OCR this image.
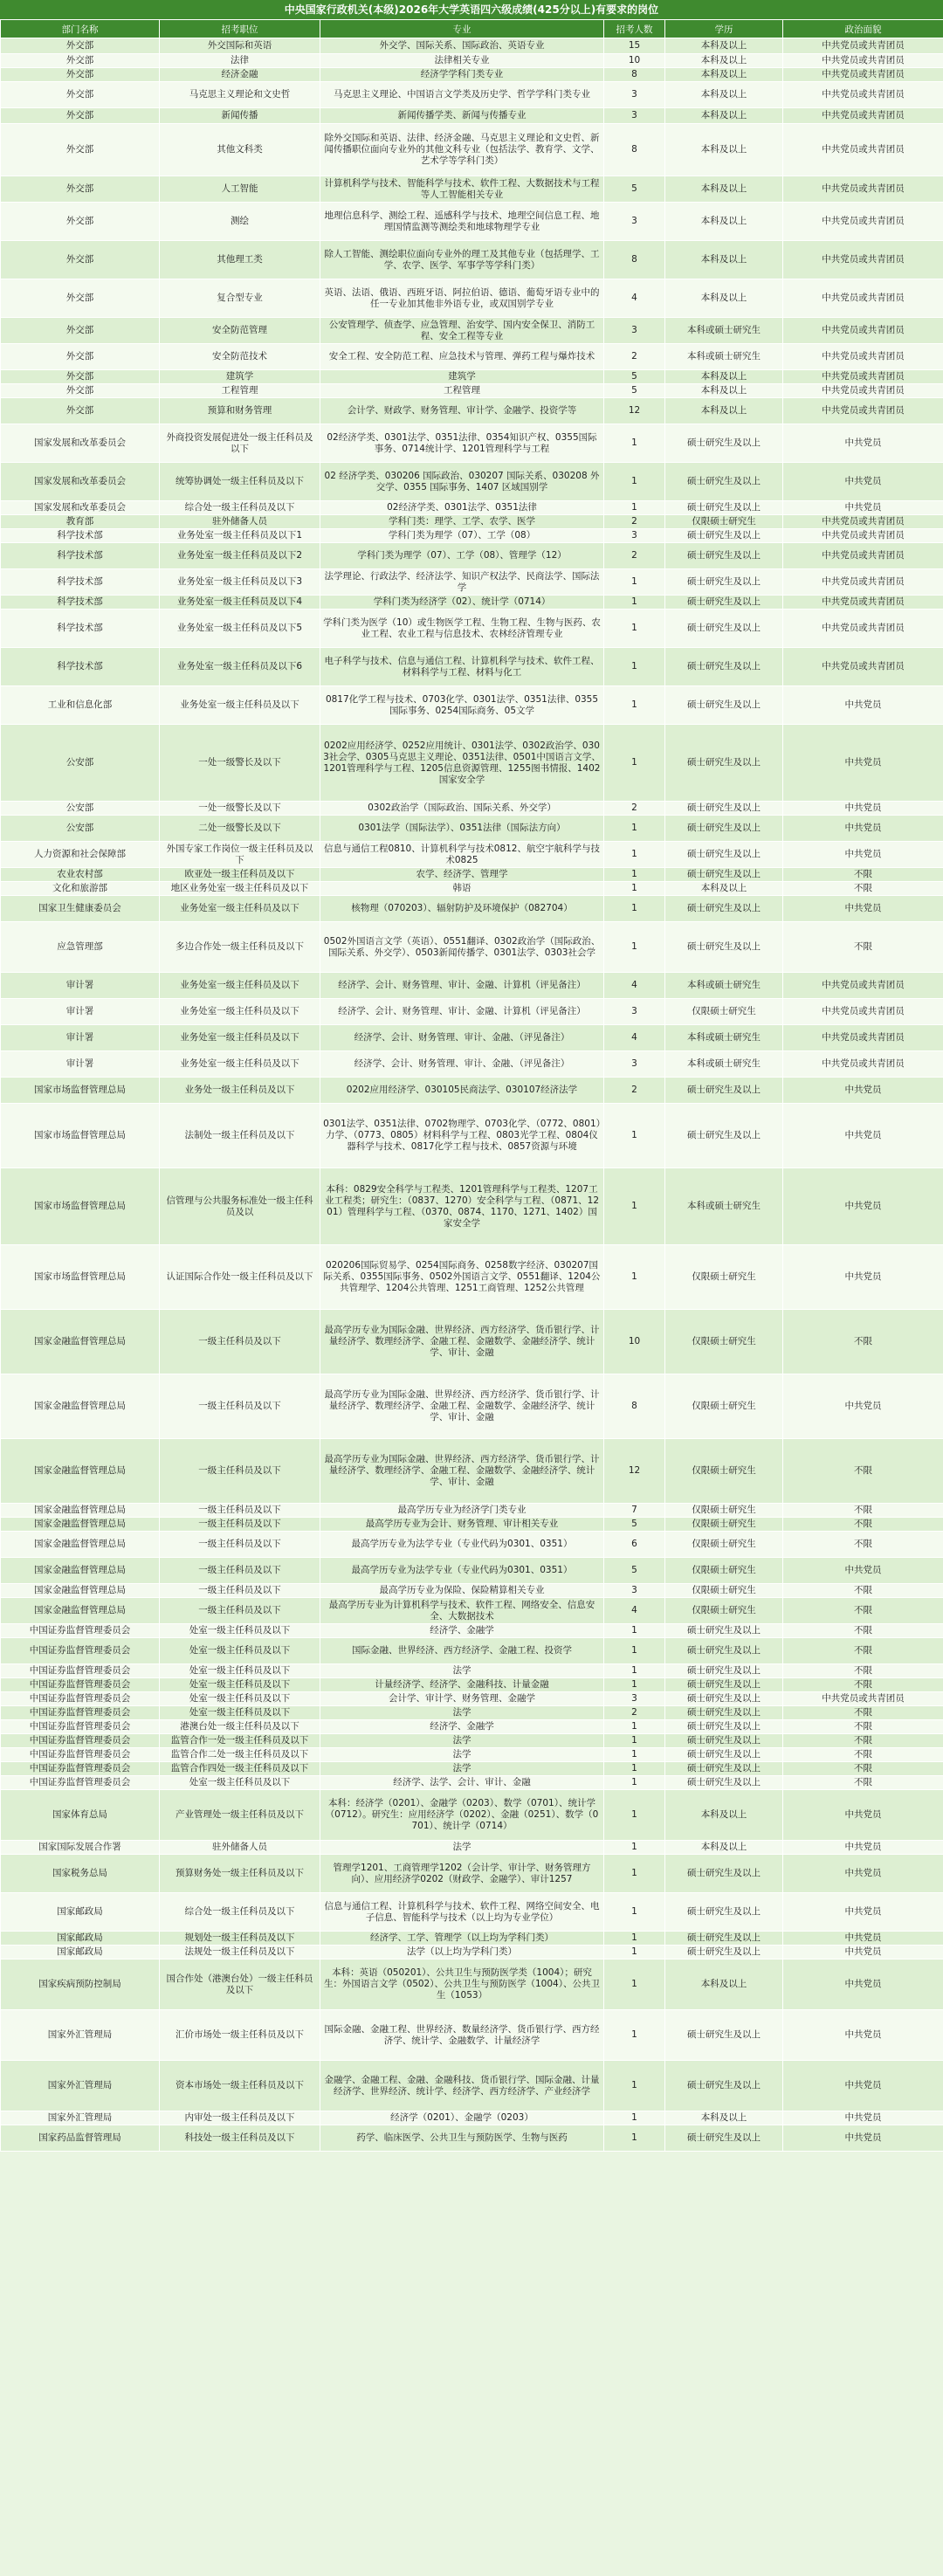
中央国家行政机关(本级)2026年大学英语四六级成绩(425分以上)有要求的岗位
部门名称	招考职位	专业	招考人数	学历	政治面貌
外交部	外交国际和英语	外交学、国际关系、国际政治、英语专业	15	本科及以上	中共党员或共青团员
外交部	法律	法律相关专业	10	本科及以上	中共党员或共青团员
外交部	经济金融	经济学学科门类专业	8	本科及以上	中共党员或共青团员
外交部	马克思主义理论和文史哲	马克思主义理论、中国语言文学类及历史学、哲学学科门类专业	3	本科及以上	中共党员或共青团员
外交部	新闻传播	新闻传播学类、新闻与传播专业	3	本科及以上	中共党员或共青团员
外交部	其他文科类	除外交国际和英语、法律、经济金融、马克思主义理论和文史哲、新闻传播职位面向专业外的其他文科专业（包括法学、教育学、文学、艺术学等学科门类）	8	本科及以上	中共党员或共青团员
外交部	人工智能	计算机科学与技术、智能科学与技术、软件工程、大数据技术与工程等人工智能相关专业	5	本科及以上	中共党员或共青团员
外交部	测绘	地理信息科学、测绘工程、遥感科学与技术、地理空间信息工程、地理国情监测等测绘类和地球物理学专业	3	本科及以上	中共党员或共青团员
外交部	其他理工类	除人工智能、测绘职位面向专业外的理工及其他专业（包括理学、工学、农学、医学、军事学等学科门类）	8	本科及以上	中共党员或共青团员
外交部	复合型专业	英语、法语、俄语、西班牙语、阿拉伯语、德语、葡萄牙语专业中的任一专业加其他非外语专业，或双国别学专业	4	本科及以上	中共党员或共青团员
外交部	安全防范管理	公安管理学、侦查学、应急管理、治安学、国内安全保卫、消防工程、安全工程等专业	3	本科或硕士研究生	中共党员或共青团员
外交部	安全防范技术	安全工程、安全防范工程、应急技术与管理、弹药工程与爆炸技术	2	本科或硕士研究生	中共党员或共青团员
外交部	建筑学	建筑学	5	本科及以上	中共党员或共青团员
外交部	工程管理	工程管理	5	本科及以上	中共党员或共青团员
外交部	预算和财务管理	会计学、财政学、财务管理、审计学、金融学、投资学等	12	本科及以上	中共党员或共青团员
国家发展和改革委员会	外商投资发展促进处一级主任科员及以下	02经济学类、0301法学、0351法律、0354知识产权、0355国际事务、0714统计学、1201管理科学与工程	1	硕士研究生及以上	中共党员
国家发展和改革委员会	统筹协调处一级主任科员及以下	02 经济学类、030206 国际政治、030207 国际关系、030208 外交学、0355 国际事务、1407 区域国别学	1	硕士研究生及以上	中共党员
国家发展和改革委员会	综合处一级主任科员及以下	02经济学类、0301法学、0351法律	1	硕士研究生及以上	中共党员
教育部	驻外储备人员	学科门类：理学、工学、农学、医学	2	仅限硕士研究生	中共党员或共青团员
科学技术部	业务处室一级主任科员及以下1	学科门类为理学（07）、工学（08）	3	硕士研究生及以上	中共党员或共青团员
科学技术部	业务处室一级主任科员及以下2	学科门类为理学（07）、工学（08）、管理学（12）	2	硕士研究生及以上	中共党员或共青团员
科学技术部	业务处室一级主任科员及以下3	法学理论、行政法学、经济法学、知识产权法学、民商法学、国际法学	1	硕士研究生及以上	中共党员或共青团员
科学技术部	业务处室一级主任科员及以下4	学科门类为经济学（02）、统计学（0714）	1	硕士研究生及以上	中共党员或共青团员
科学技术部	业务处室一级主任科员及以下5	学科门类为医学（10）或生物医学工程、生物工程、生物与医药、农业工程、农业工程与信息技术、农林经济管理专业	1	硕士研究生及以上	中共党员或共青团员
科学技术部	业务处室一级主任科员及以下6	电子科学与技术、信息与通信工程、计算机科学与技术、软件工程、材料科学与工程、材料与化工	1	硕士研究生及以上	中共党员或共青团员
工业和信息化部	业务处室一级主任科员及以下	0817化学工程与技术、0703化学、0301法学、0351法律、0355国际事务、0254国际商务、05文学	1	硕士研究生及以上	中共党员
公安部	一处一级警长及以下	0202应用经济学、0252应用统计、0301法学、0302政治学、0303社会学、0305马克思主义理论、0351法律、0501中国语言文学、1201管理科学与工程、1205信息资源管理、1255图书情报、1402国家安全学	1	硕士研究生及以上	中共党员
公安部	一处一级警长及以下	0302政治学（国际政治、国际关系、外交学）	2	硕士研究生及以上	中共党员
公安部	二处一级警长及以下	0301法学（国际法学）、0351法律（国际法方向）	1	硕士研究生及以上	中共党员
人力资源和社会保障部	外国专家工作岗位一级主任科员及以下	信息与通信工程0810、计算机科学与技术0812、航空宇航科学与技术0825	1	硕士研究生及以上	中共党员
农业农村部	欧亚处一级主任科员及以下	农学、经济学、管理学	1	硕士研究生及以上	不限
文化和旅游部	地区业务处室一级主任科员及以下	韩语	1	本科及以上	不限
国家卫生健康委员会	业务处室一级主任科员及以下	核物理（070203）、辐射防护及环境保护（082704）	1	硕士研究生及以上	中共党员
应急管理部	多边合作处一级主任科员及以下	0502外国语言文学（英语）、0551翻译、0302政治学（国际政治、国际关系、外交学）、0503新闻传播学、0301法学、0303社会学	1	硕士研究生及以上	不限
审计署	业务处室一级主任科员及以下	经济学、会计、财务管理、审计、金融、计算机（评见备注）	4	本科或硕士研究生	中共党员或共青团员
审计署	业务处室一级主任科员及以下	经济学、会计、财务管理、审计、金融、计算机（评见备注）	3	仅限硕士研究生	中共党员或共青团员
审计署	业务处室一级主任科员及以下	经济学、会计、财务管理、审计、金融、（评见备注）	4	本科或硕士研究生	中共党员或共青团员
审计署	业务处室一级主任科员及以下	经济学、会计、财务管理、审计、金融、（评见备注）	3	本科或硕士研究生	中共党员或共青团员
国家市场监督管理总局	业务处一级主任科员及以下	0202应用经济学、030105民商法学、030107经济法学	2	硕士研究生及以上	中共党员
国家市场监督管理总局	法制处一级主任科员及以下	0301法学、0351法律、0702物理学、0703化学、（0772、0801）力学、（0773、0805）材料科学与工程、0803光学工程、0804仪器科学与技术、0817化学工程与技术、0857资源与环境	1	硕士研究生及以上	中共党员
国家市场监督管理总局	信管理与公共服务标准处一级主任科员及以	本科：0829安全科学与工程类、1201管理科学与工程类、1207工业工程类；研究生：（0837、1270）安全科学与工程、（0871、1201）管理科学与工程、（0370、0874、1170、1271、1402）国家安全学	1	本科或硕士研究生	中共党员
国家市场监督管理总局	认证国际合作处一级主任科员及以下	020206国际贸易学、0254国际商务、0258数字经济、030207国际关系、0355国际事务、0502外国语言文学、0551翻译、1204公共管理学、1204公共管理、1251工商管理、1252公共管理	1	仅限硕士研究生	中共党员
国家金融监督管理总局	一级主任科员及以下	最高学历专业为国际金融、世界经济、西方经济学、货币银行学、计量经济学、数理经济学、金融工程、金融数学、金融经济学、统计学、审计、金融	10	仅限硕士研究生	不限
国家金融监督管理总局	一级主任科员及以下	最高学历专业为国际金融、世界经济、西方经济学、货币银行学、计量经济学、数理经济学、金融工程、金融数学、金融经济学、统计学、审计、金融	8	仅限硕士研究生	中共党员
国家金融监督管理总局	一级主任科员及以下	最高学历专业为国际金融、世界经济、西方经济学、货币银行学、计量经济学、数理经济学、金融工程、金融数学、金融经济学、统计学、审计、金融	12	仅限硕士研究生	不限
国家金融监督管理总局	一级主任科员及以下	最高学历专业为经济学门类专业	7	仅限硕士研究生	不限
国家金融监督管理总局	一级主任科员及以下	最高学历专业为会计、财务管理、审计相关专业	5	仅限硕士研究生	不限
国家金融监督管理总局	一级主任科员及以下	最高学历专业为法学专业（专业代码为0301、0351）	6	仅限硕士研究生	不限
国家金融监督管理总局	一级主任科员及以下	最高学历专业为法学专业（专业代码为0301、0351）	5	仅限硕士研究生	中共党员
国家金融监督管理总局	一级主任科员及以下	最高学历专业为保险、保险精算相关专业	3	仅限硕士研究生	不限
国家金融监督管理总局	一级主任科员及以下	最高学历专业为计算机科学与技术、软件工程、网络安全、信息安全、大数据技术	4	仅限硕士研究生	不限
中国证券监督管理委员会	处室一级主任科员及以下	经济学、金融学	1	硕士研究生及以上	不限
中国证券监督管理委员会	处室一级主任科员及以下	国际金融、世界经济、西方经济学、金融工程、投资学	1	硕士研究生及以上	不限
中国证券监督管理委员会	处室一级主任科员及以下	法学	1	硕士研究生及以上	不限
中国证券监督管理委员会	处室一级主任科员及以下	计量经济学、经济学、金融科技、计量金融	1	硕士研究生及以上	不限
中国证券监督管理委员会	处室一级主任科员及以下	会计学、审计学、财务管理、金融学	3	硕士研究生及以上	中共党员或共青团员
中国证券监督管理委员会	处室一级主任科员及以下	法学	2	硕士研究生及以上	不限
中国证券监督管理委员会	港澳台处一级主任科员及以下	经济学、金融学	1	硕士研究生及以上	不限
中国证券监督管理委员会	监管合作一处一级主任科员及以下	法学	1	硕士研究生及以上	不限
中国证券监督管理委员会	监管合作二处一级主任科员及以下	法学	1	硕士研究生及以上	不限
中国证券监督管理委员会	监管合作四处一级主任科员及以下	法学	1	硕士研究生及以上	不限
中国证券监督管理委员会	处室一级主任科员及以下	经济学、法学、会计、审计、金融	1	硕士研究生及以上	不限
国家体育总局	产业管理处一级主任科员及以下	本科：经济学（0201）、金融学（0203）、数学（0701）、统计学（0712）。研究生：应用经济学（0202）、金融（0251）、数学（0701）、统计学（0714）	1	本科及以上	中共党员
国家国际发展合作署	驻外储备人员	法学	1	本科及以上	中共党员
国家税务总局	预算财务处一级主任科员及以下	管理学1201、工商管理学1202（会计学、审计学、财务管理方向）、应用经济学0202（财政学、金融学）、审计1257	1	硕士研究生及以上	中共党员
国家邮政局	综合处一级主任科员及以下	信息与通信工程、计算机科学与技术、软件工程、网络空间安全、电子信息、智能科学与技术（以上均为专业学位）	1	硕士研究生及以上	中共党员
国家邮政局	规划处一级主任科员及以下	经济学、工学、管理学（以上均为学科门类）	1	硕士研究生及以上	中共党员
国家邮政局	法规处一级主任科员及以下	法学（以上均为学科门类）	1	硕士研究生及以上	中共党员
国家疾病预防控制局	国合作处（港澳台处）一级主任科员及以下	本科：英语（050201）、公共卫生与预防医学类（1004）；研究生：外国语言文学（0502）、公共卫生与预防医学（1004）、公共卫生（1053）	1	本科及以上	中共党员
国家外汇管理局	汇价市场处一级主任科员及以下	国际金融、金融工程、世界经济、数量经济学、货币银行学、西方经济学、统计学、金融数学、计量经济学	1	硕士研究生及以上	中共党员
国家外汇管理局	资本市场处一级主任科员及以下	金融学、金融工程、金融、金融科技、货币银行学、国际金融、计量经济学、世界经济、统计学、经济学、西方经济学、产业经济学	1	硕士研究生及以上	中共党员
国家外汇管理局	内审处一级主任科员及以下	经济学（0201）、金融学（0203）	1	本科及以上	中共党员
国家药品监督管理局	科技处一级主任科员及以下	药学、临床医学、公共卫生与预防医学、生物与医药	1	硕士研究生及以上	中共党员
